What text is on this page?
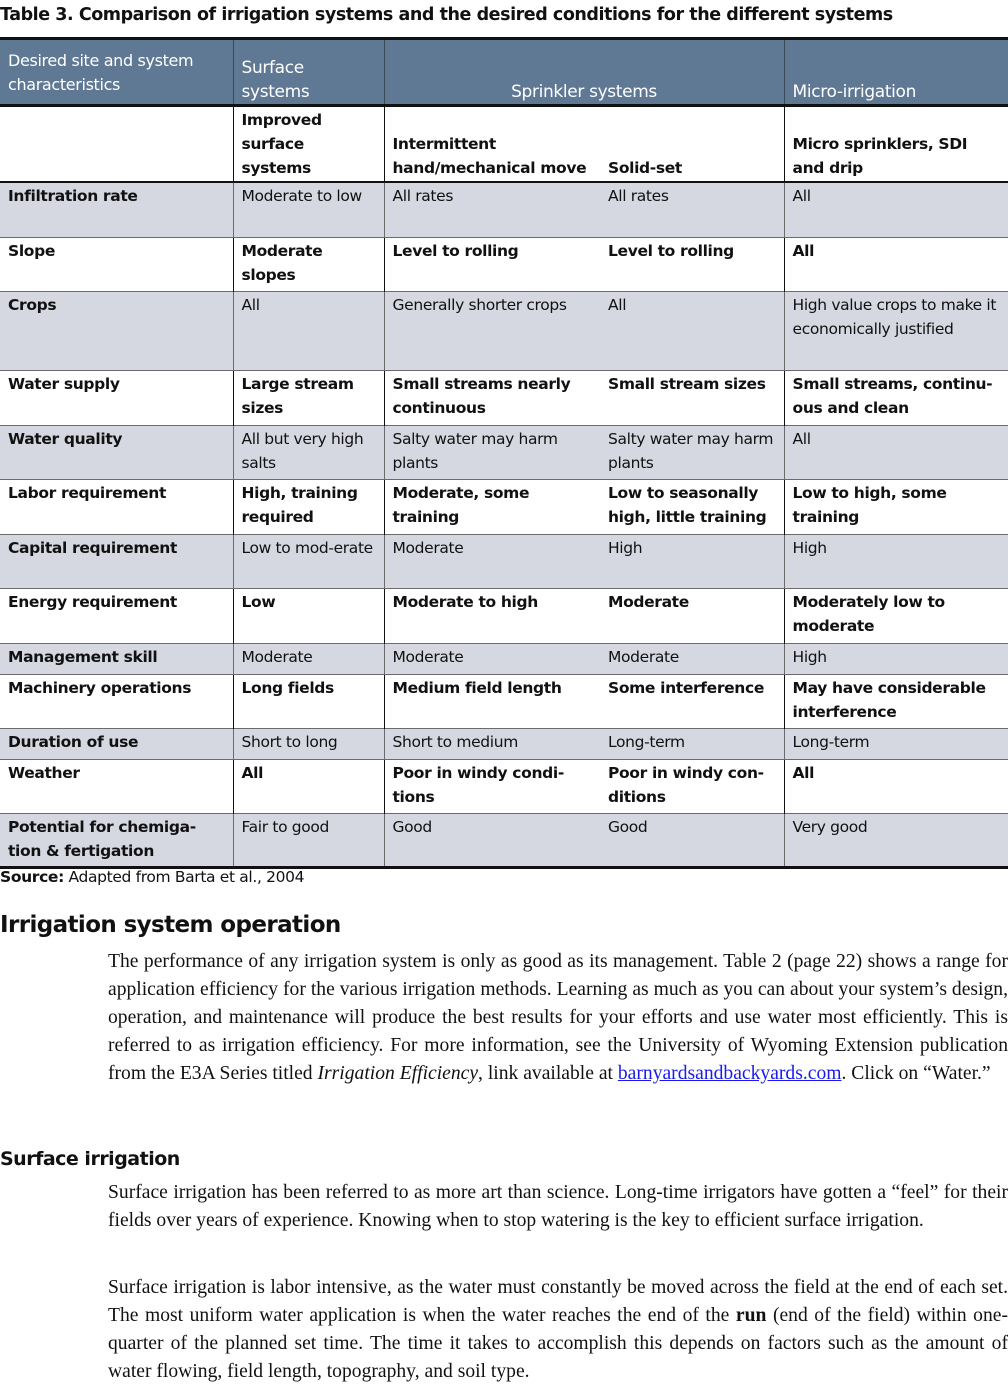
Table 3. Comparison of irrigation systems and the desired conditions for the different systems
Desired site and system characteristics	Surface systems	Sprinkler systems		Micro-irrigation
	Improved surface systems	Intermittent hand/mechanical move	Solid-set	Micro sprinklers, SDI and drip
Infiltration rate	Moderate to low	All rates	All rates	All
Slope	Moderate slopes	Level to rolling	Level to rolling	All
Crops	All	Generally shorter crops	All	High value crops to make it economically justified
Water supply	Large stream sizes	Small streams nearly continuous	Small stream sizes	Small streams, continu-ous and clean
Water quality	All but very high salts	Salty water may harm plants	Salty water may harm plants	All
Labor requirement	High, training required	Moderate, some training	Low to seasonally high, little training	Low to high, some training
Capital requirement	Low to mod-erate	Moderate	High	High
Energy requirement	Low	Moderate to high	Moderate	Moderately low to moderate
Management skill	Moderate	Moderate	Moderate	High
Machinery operations	Long fields	Medium field length	Some interference	May have considerable interference
Duration of use	Short to long	Short to medium	Long-term	Long-term
Weather	All	Poor in windy condi-tions	Poor in windy con-ditions	All
Potential for chemiga-tion & fertigation	Fair to good	Good	Good	Very good
Source: Adapted from Barta et al., 2004
Irrigation system operation

The performance of any irrigation system is only as good as its management. Table 2 (page 22) shows a range for application efficiency for the various irrigation methods. Learning as much as you can about your system’s design, operation, and maintenance will produce the best results for your efforts and use water most efficiently. This is referred to as irrigation efficiency. For more information, see the University of Wyoming Extension publication from the E3A Series titled Irrigation Efficiency, link available at barnyardsandbackyards.com. Click on “Water.”

Surface irrigation

Surface irrigation has been referred to as more art than science. Long-time irrigators have gotten a “feel” for their fields over years of experience. Knowing when to stop watering is the key to efficient surface irrigation.

Surface irrigation is labor intensive, as the water must constantly be moved across the field at the end of each set. The most uniform water application is when the water reaches the end of the run (end of the field) within one-quarter of the planned set time. The time it takes to accomplish this depends on factors such as the amount of water flowing, field length, topography, and soil type.
